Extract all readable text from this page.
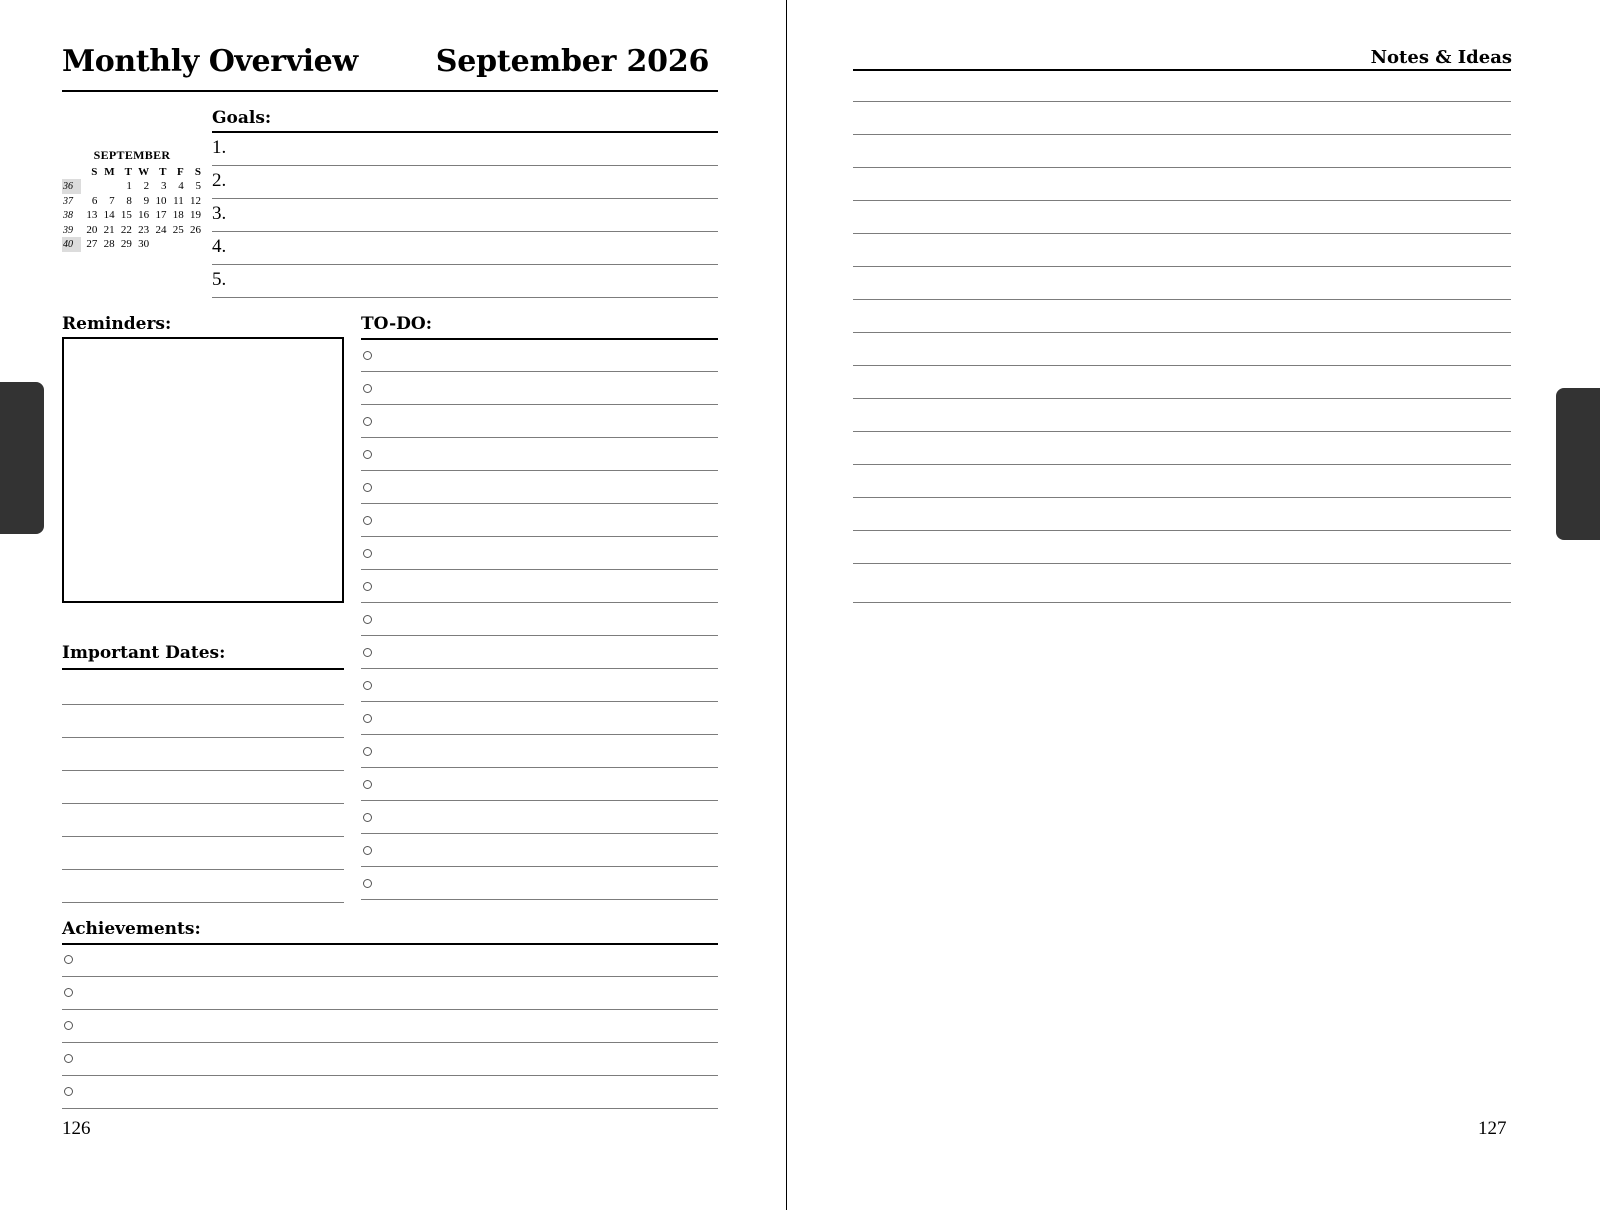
Monthly Overview	September 2026
SEPTEMBER
	S	M	T	W	T	F	S
36			1	2	3	4	5
37	6	7	8	9	10	11	12
38	13	14	15	16	17	18	19
39	20	21	22	23	24	25	26
40	27	28	29	30			
Goals:
1.
2.
3.
4.
5.
Reminders:	TO-DO:
Important Dates:
Achievements:
126
Notes & Ideas
127
